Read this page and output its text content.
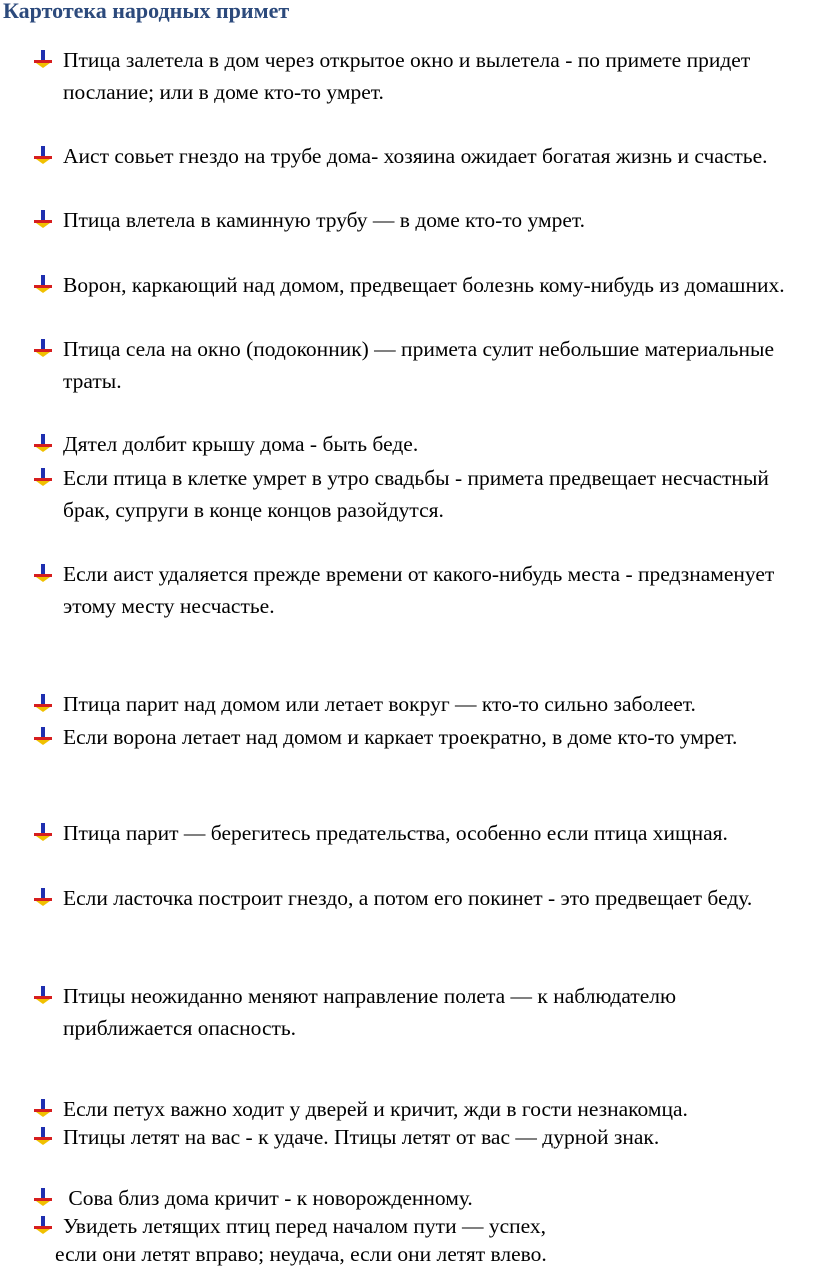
Картотека народных примет
Птица залетела в дом через открытое окно и вылетела - по примете придет послание; или в доме кто-то умрет.
Аист совьет гнездо на трубе дома- хозяина ожидает богатая жизнь и счастье.
Птица влетела в каминную трубу — в доме кто-то умрет.
Ворон, каркающий над домом, предвещает болезнь кому-нибудь из домашних.
Птица села на окно (подоконник) — примета сулит небольшие материальные траты.
Дятел долбит крышу дома - быть беде.
Если птица в клетке умрет в утро свадьбы - примета предвещает несчастный брак, супруги в конце концов разойдутся.
Если аист удаляется прежде времени от какого-нибудь места - предзнаменует этому месту несчастье.
Птица парит над домом или летает вокруг — кто-то сильно заболеет.
Если ворона летает над домом и каркает троекратно, в доме кто-то умрет.
Птица парит — берегитесь предательства, особенно если птица хищная.
Если ласточка построит гнездо, а потом его покинет - это предвещает беду.
Птицы неожиданно меняют направление полета — к наблюдателю приближается опасность.
Если петух важно ходит у дверей и кричит, жди в гости незнакомца.
Птицы летят на вас - к удаче. Птицы летят от вас — дурной знак.
Сова близ дома кричит - к новорожденному.
Увидеть летящих птиц перед началом пути — успех,
если они летят вправо; неудача, если они летят влево.
